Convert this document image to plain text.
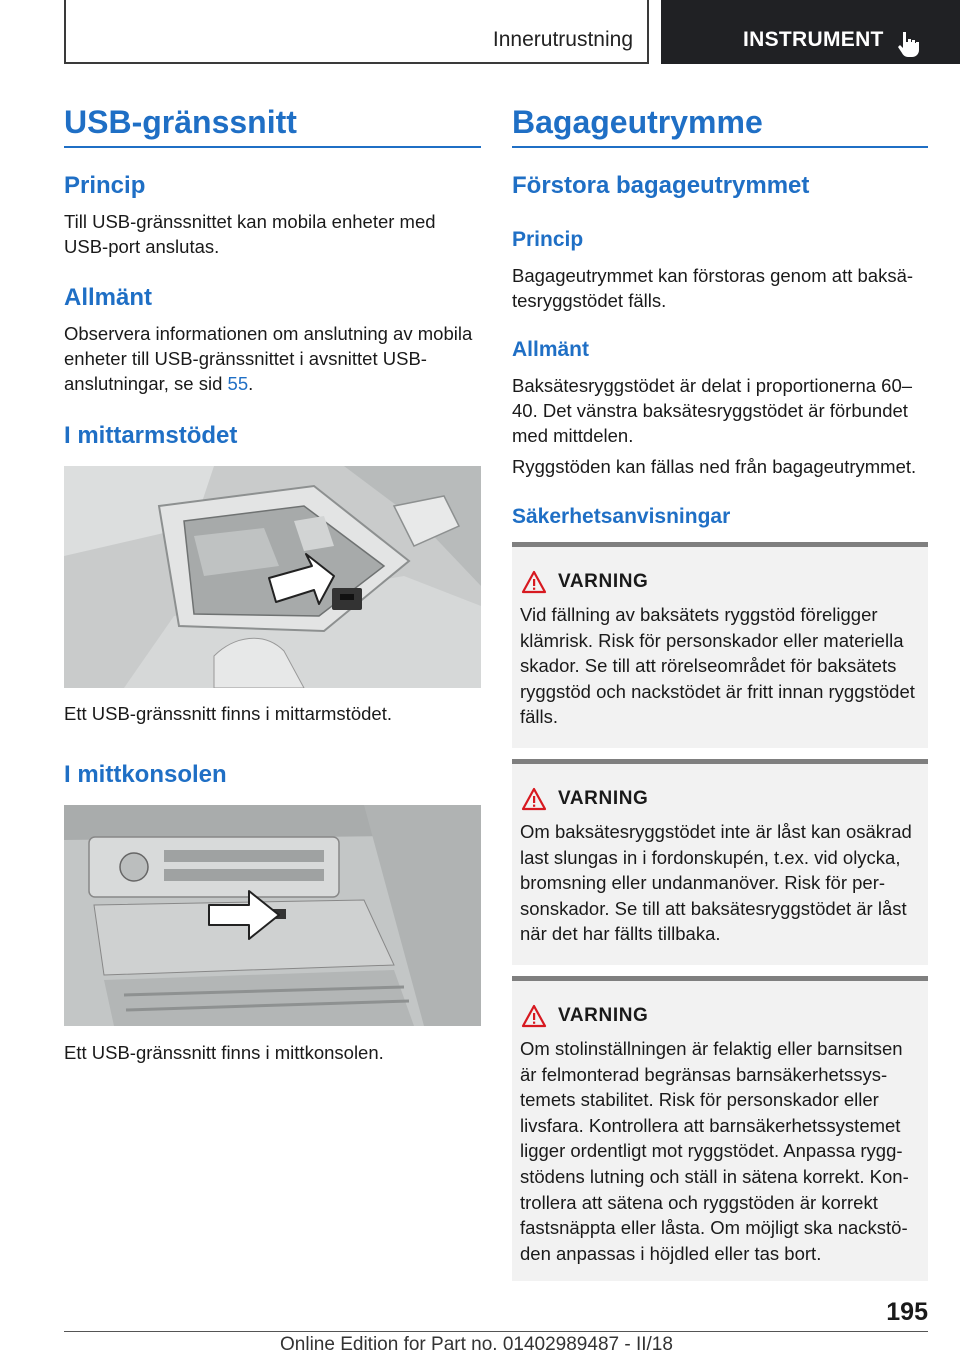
Innerutrustning	INSTRUMENT
USB-gränssnitt
Princip

Till USB-gränssnittet kan mobila enheter med USB-port anslutas.

Allmänt

Observera informationen om anslutning av mobila enheter till USB-gränssnittet i avsnittet USB-anslutningar, se sid 55.

I mittarmstödet

Ett USB-gränssnitt finns i mittarmstödet.

I mittkonsolen

Ett USB-gränssnitt finns i mittkonsolen.

Bagageutrymme
Förstora bagageutrymmet
Princip

Bagageutrymmet kan förstoras genom att baksätesryggstödet fälls.

Allmänt

Baksätesryggstödet är delat i proportionerna 60–40. Det vänstra baksätesryggstödet är förbundet med mittdelen.

Ryggstöden kan fällas ned från bagageutrymmet.

Säkerhetsanvisningar
VARNING

Vid fällning av baksätets ryggstöd föreligger klämrisk. Risk för personskador eller materiella skador. Se till att rörelseområdet för baksätets ryggstöd och nackstödet är fritt innan ryggstödet fälls.

VARNING

Om baksätesryggstödet inte är låst kan osäkrad last slungas in i fordonskupén, t.ex. vid olycka, bromsning eller undanmanöver. Risk för personskador. Se till att baksätesryggstödet är låst när det har fällts tillbaka.

VARNING

Om stolinställningen är felaktig eller barnsitsen är felmonterad begränsas barnsäkerhetssystemets stabilitet. Risk för personskador eller livsfara. Kontrollera att barnsäkerhetssystemet ligger ordentligt mot ryggstödet. Anpassa ryggstödens lutning och ställ in sätena korrekt. Kontrollera att sätena och ryggstöden är korrekt fastsnäppta eller låsta. Om möjligt ska nackstöden anpassas i höjdled eller tas bort.

195
Online Edition for Part no. 01402989487 - II/18
